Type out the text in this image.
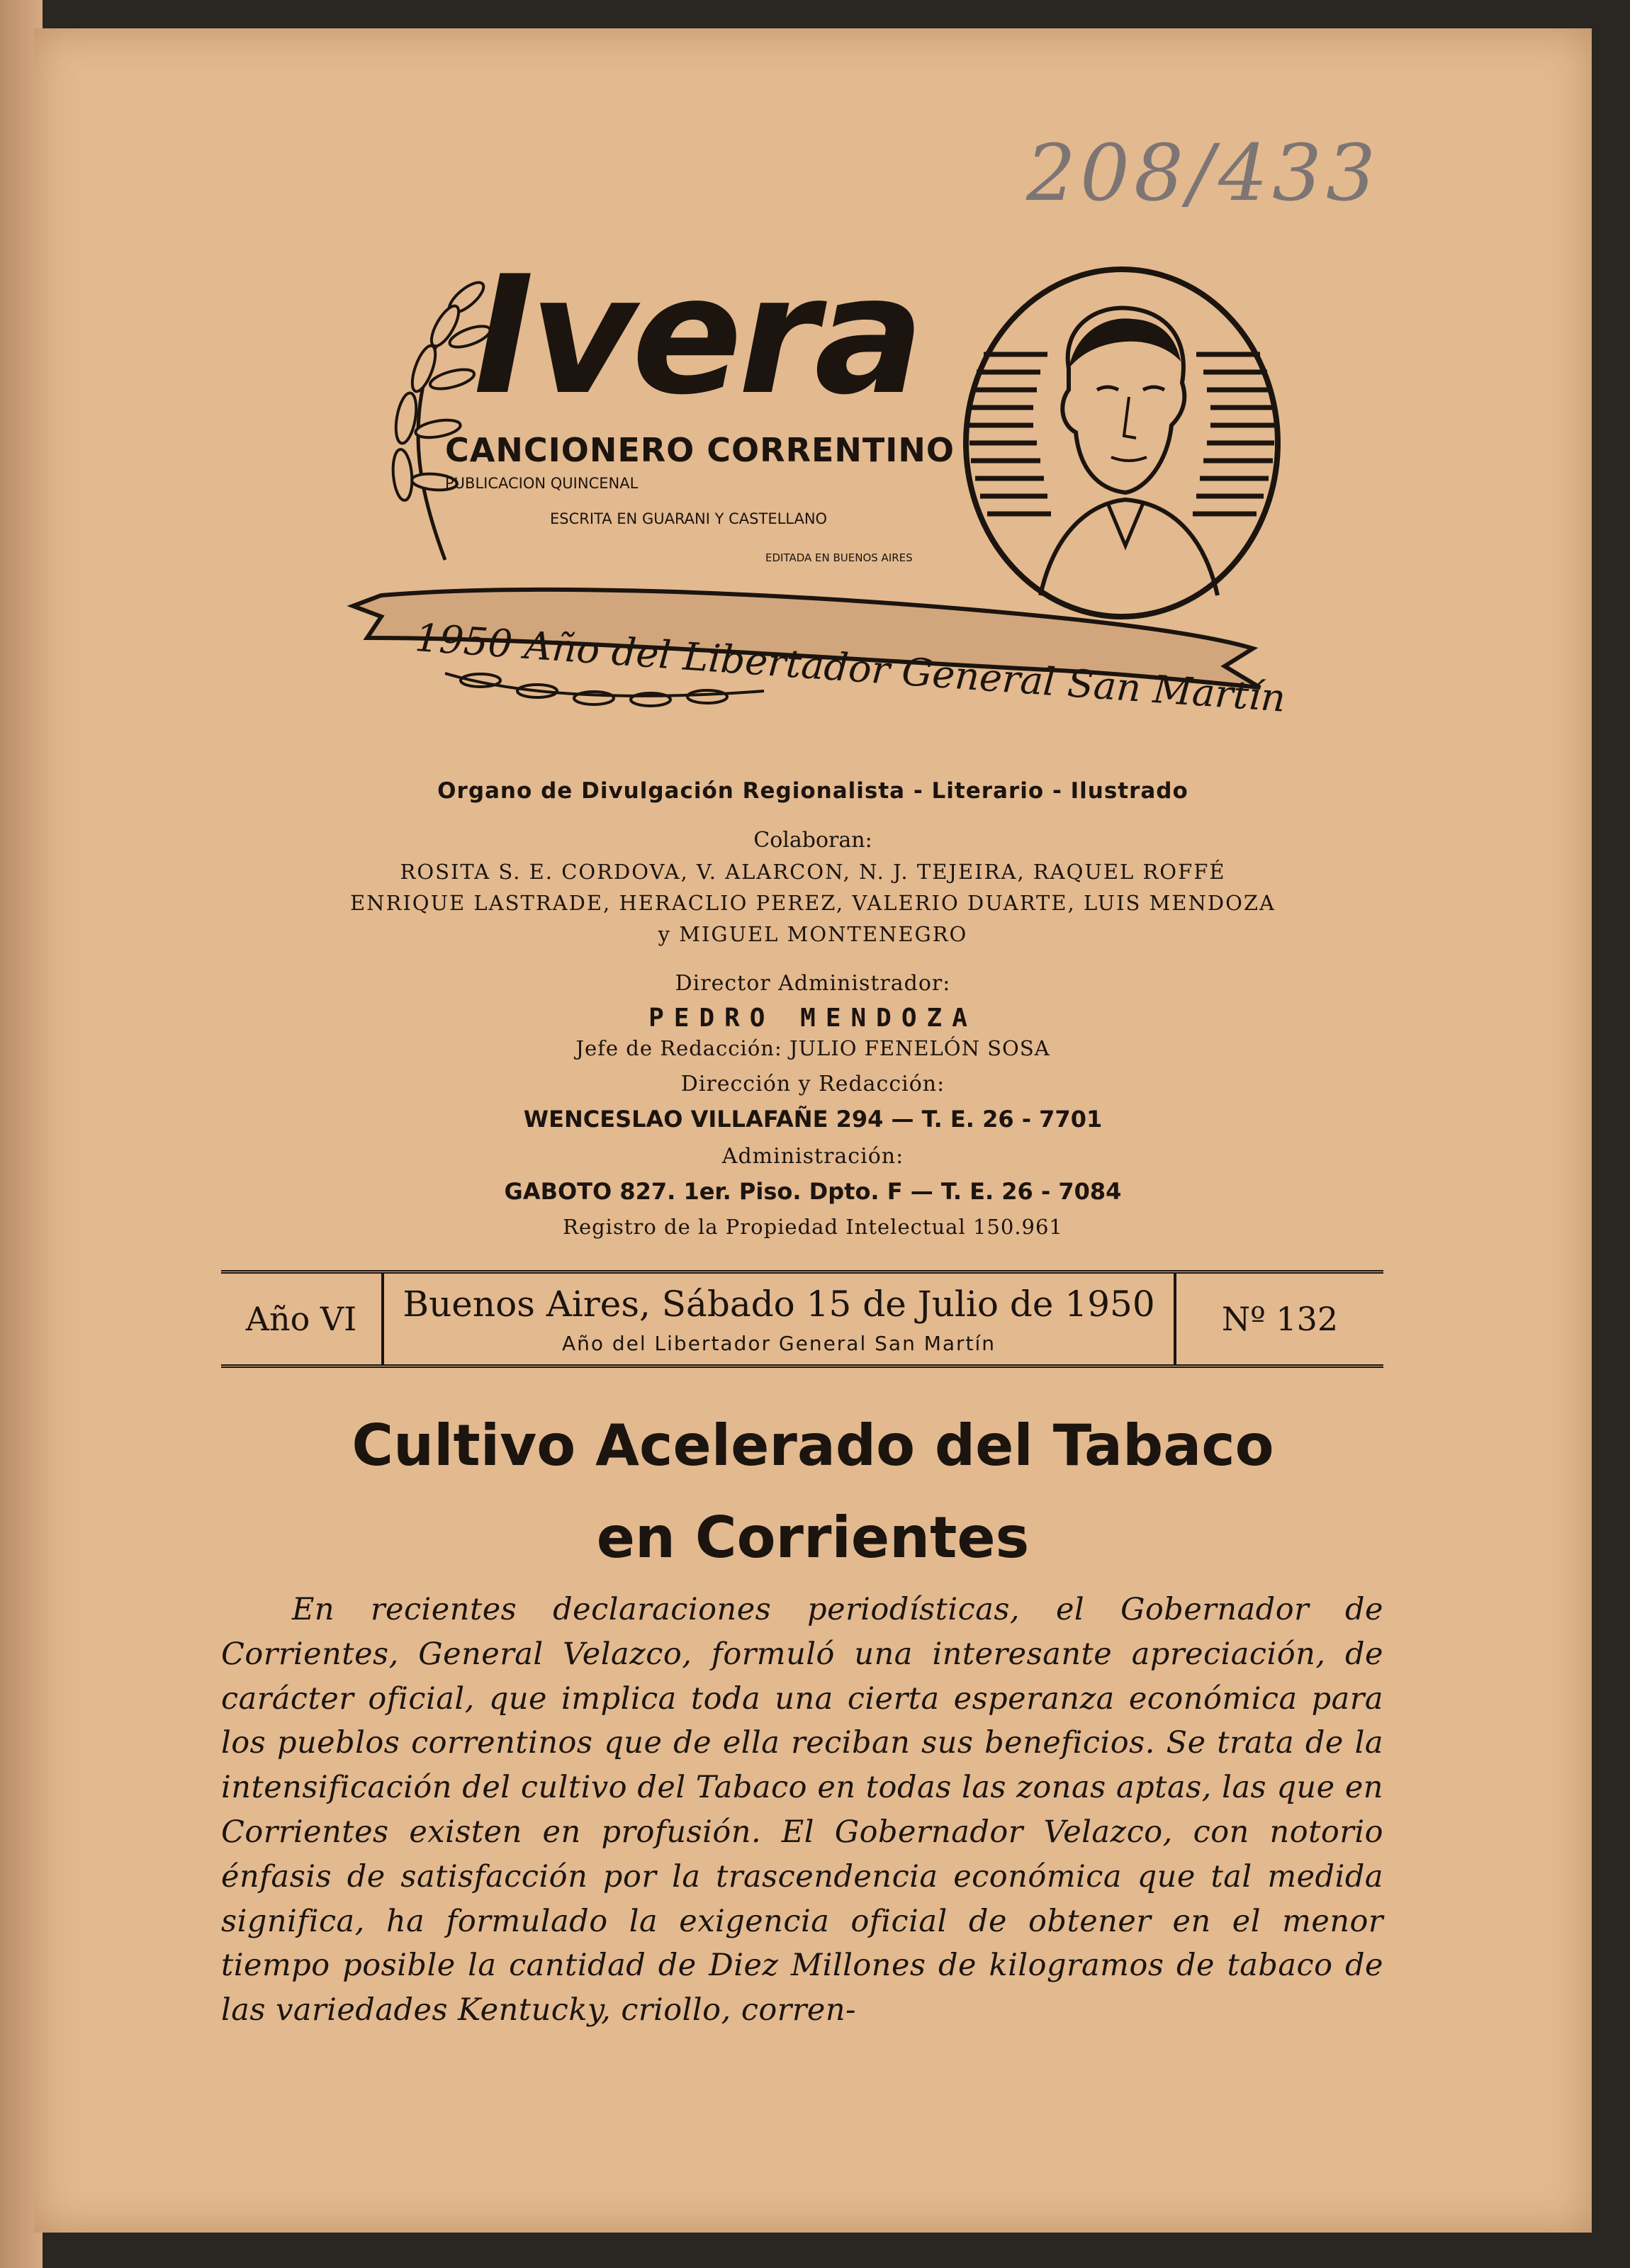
208/433
Ivera
CANCIONERO CORRENTINO
PUBLICACION QUINCENAL
ESCRITA EN GUARANI Y CASTELLANO
EDITADA EN BUENOS AIRES
1950 Año del Libertador General San Martín
Organo de Divulgación Regionalista - Literario - Ilustrado
Colaboran:
ROSITA S. E. CORDOVA, V. ALARCON, N. J. TEJEIRA, RAQUEL ROFFÉ
ENRIQUE LASTRADE, HERACLIO PEREZ, VALERIO DUARTE, LUIS MENDOZA
y MIGUEL MONTENEGRO
Director Administrador:
PEDRO MENDOZA
Jefe de Redacción: JULIO FENELÓN SOSA
Dirección y Redacción:
WENCESLAO VILLAFAÑE 294 — T. E. 26 - 7701
Administración:
GABOTO 827. 1er. Piso. Dpto. F — T. E. 26 - 7084
Registro de la Propiedad Intelectual 150.961
Año VI	Buenos Aires, Sábado 15 de Julio de 1950
Año del Libertador General San Martín
Nº 132
Cultivo Acelerado del Tabaco
en Corrientes
En recientes declaraciones periodísticas, el Gobernador de Corrientes, General Velazco, formuló una interesante apreciación, de carácter oficial, que implica toda una cierta esperanza económica para los pueblos correntinos que de ella reciban sus beneficios. Se trata de la intensificación del cultivo del Tabaco en todas las zonas aptas, las que en Corrientes existen en profusión. El Gobernador Velazco, con notorio énfasis de satisfacción por la trascendencia económica que tal medida significa, ha formulado la exigencia oficial de obtener en el menor tiempo posible la cantidad de Diez Millones de kilogramos de tabaco de las variedades Kentucky, criollo, corren-
